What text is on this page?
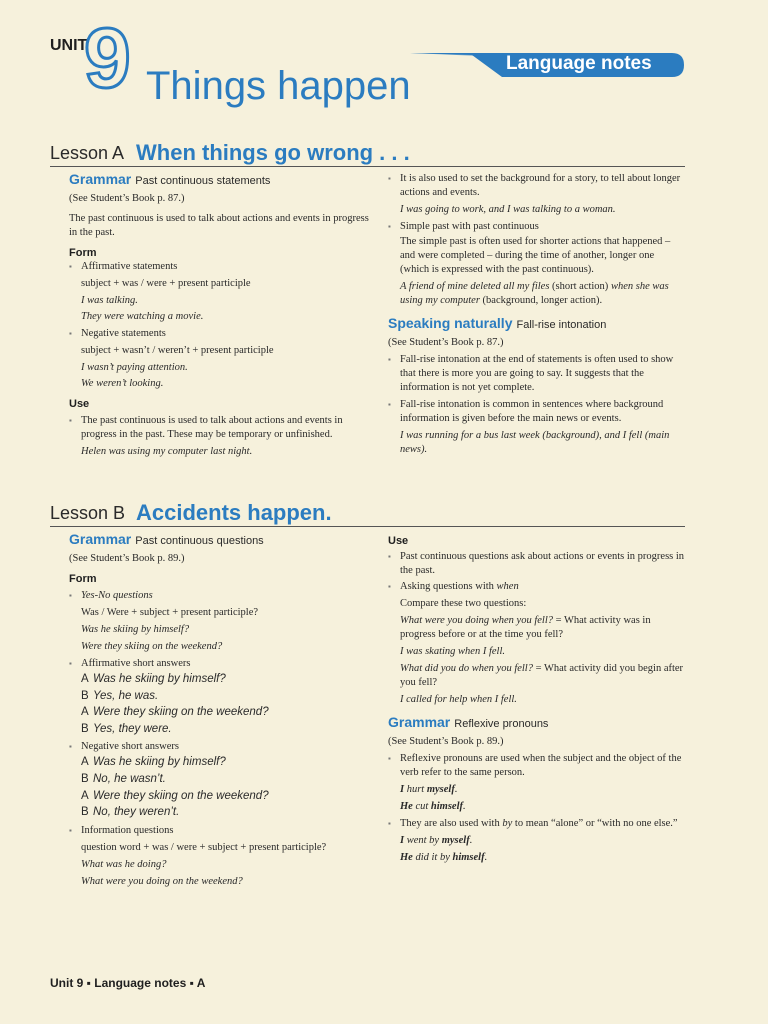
UNIT
9 Things happen
Language notes
Lesson A When things go wrong . . .

Grammar Past continuous statements

(See Student’s Book p. 87.)

The past continuous is used to talk about actions and events in progress in the past.

Form

▪ Affirmative statements

subject + was / were + present participle

I was talking.

They were watching a movie.

▪ Negative statements

subject + wasn’t / weren’t + present participle

I wasn’t paying attention.

We weren’t looking.

Use

▪ The past continuous is used to talk about actions and events in progress in the past. These may be temporary or unfinished.

Helen was using my computer last night.

▪ It is also used to set the background for a story, to tell about longer actions and events.

I was going to work, and I was talking to a woman.

▪ Simple past with past continuous

The simple past is often used for shorter actions that happened – and were completed – during the time of another, longer one (which is expressed with the past continuous).

A friend of mine deleted all my files (short action) when she was using my computer (background, longer action).

Speaking naturally Fall-rise intonation

(See Student’s Book p. 87.)

▪ Fall-rise intonation at the end of statements is often used to show that there is more you are going to say. It suggests that the information is not yet complete.

▪ Fall-rise intonation is common in sentences where background information is given before the main news or events.

I was running for a bus last week (background), and I fell (main news).

Lesson B Accidents happen.

Grammar Past continuous questions

(See Student’s Book p. 89.)

Form

▪ Yes-No questions

Was / Were + subject + present participle?

Was he skiing by himself?

Were they skiing on the weekend?

▪ Affirmative short answers

A Was he skiing by himself?

B Yes, he was.

A Were they skiing on the weekend?

B Yes, they were.

▪ Negative short answers

A Was he skiing by himself?

B No, he wasn’t.

A Were they skiing on the weekend?

B No, they weren’t.

▪ Information questions

question word + was / were + subject + present participle?

What was he doing?

What were you doing on the weekend?

Use

▪ Past continuous questions ask about actions or events in progress in the past.

▪ Asking questions with when

Compare these two questions:

What were you doing when you fell? = What activity was in progress before or at the time you fell?

I was skating when I fell.

What did you do when you fell? = What activity did you begin after you fell?

I called for help when I fell.

Grammar Reflexive pronouns

(See Student’s Book p. 89.)

▪ Reflexive pronouns are used when the subject and the object of the verb refer to the same person.

I hurt myself.

He cut himself.

▪ They are also used with by to mean “alone” or “with no one else.”

I went by myself.

He did it by himself.

Unit 9 ▪ Language notes ▪ A
